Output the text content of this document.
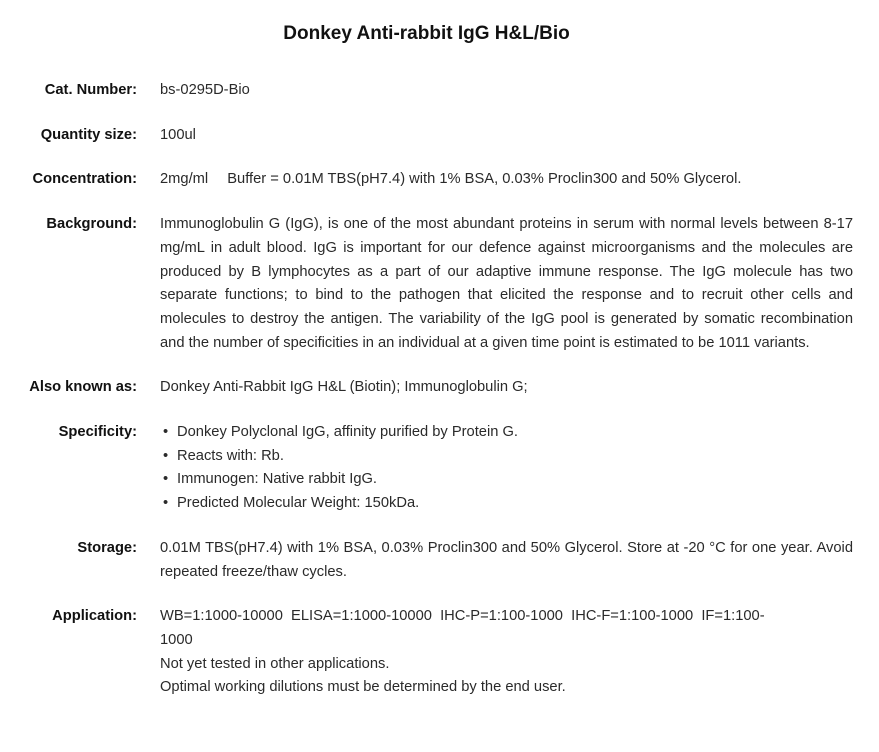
Donkey Anti-rabbit IgG H&L/Bio
Cat. Number: bs-0295D-Bio
Quantity size: 100ul
Concentration: 2mg/ml Buffer = 0.01M TBS(pH7.4) with 1% BSA, 0.03% Proclin300 and 50% Glycerol.
Background: Immunoglobulin G (IgG), is one of the most abundant proteins in serum with normal levels between 8-17 mg/mL in adult blood. IgG is important for our defence against microorganisms and the molecules are produced by B lymphocytes as a part of our adaptive immune response. The IgG molecule has two separate functions; to bind to the pathogen that elicited the response and to recruit other cells and molecules to destroy the antigen. The variability of the IgG pool is generated by somatic recombination and the number of specificities in an individual at a given time point is estimated to be 1011 variants.
Also known as: Donkey Anti-Rabbit IgG H&L (Biotin); Immunoglobulin G;
Specificity:	• Donkey Polyclonal IgG, affinity purified by Protein G.
• Reacts with: Rb.
• Immunogen: Native rabbit IgG.
• Predicted Molecular Weight: 150kDa.
Storage: 0.01M TBS(pH7.4) with 1% BSA, 0.03% Proclin300 and 50% Glycerol. Store at -20 °C for one year. Avoid repeated freeze/thaw cycles.
Application: WB=1:1000-10000  ELISA=1:1000-10000  IHC-P=1:100-1000  IHC-F=1:100-1000  IF=1:100-
1000
Not yet tested in other applications.
Optimal working dilutions must be determined by the end user.
